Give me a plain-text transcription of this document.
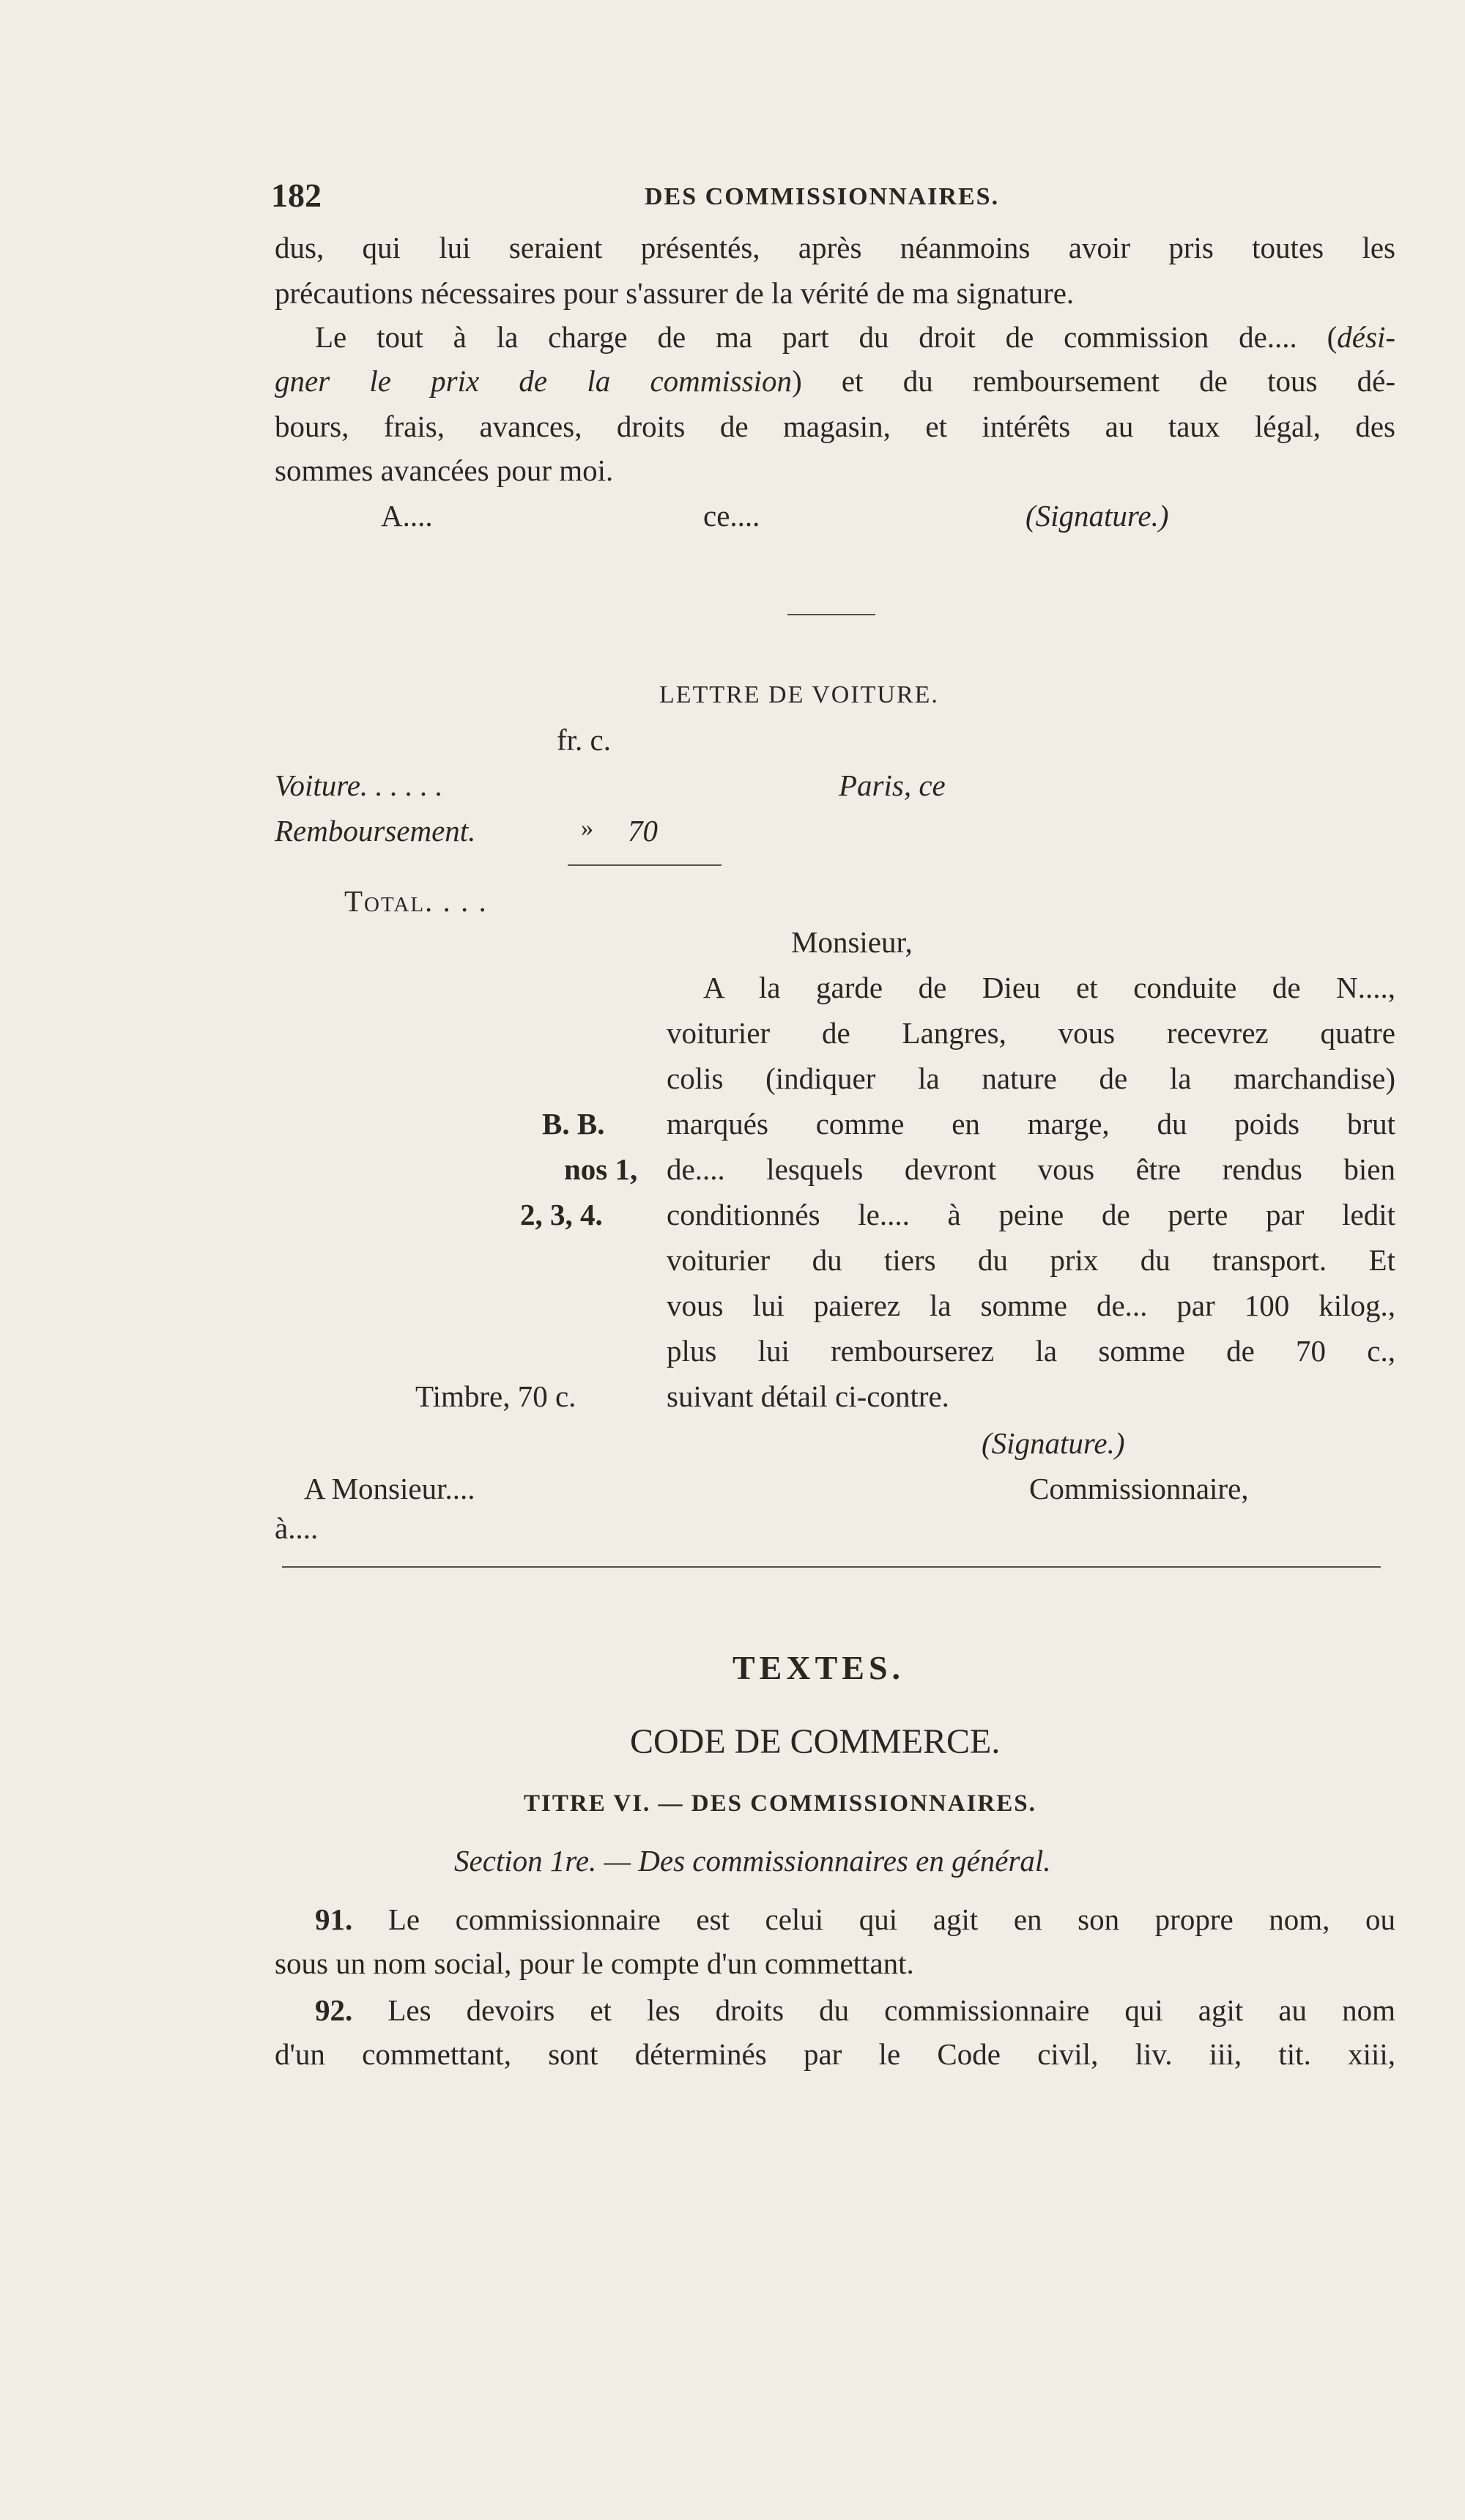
182	DES COMMISSIONNAIRES.
dus, qui lui seraient présentés, après néanmoins avoir pris toutes les
précautions nécessaires pour s'assurer de la vérité de ma signature.
Le tout à la charge de ma part du droit de commission de.... (dési-
gner le prix de la commission) et du remboursement de tous dé-
bours, frais, avances, droits de magasin, et intérêts au taux légal, des
sommes avancées pour moi.
A....	ce....	(Signature.)
LETTRE DE VOITURE.
fr. c.
Voiture. . . . . .	Paris, ce
Remboursement.	» 70
Total. . . .
Monsieur,
A la garde de Dieu et conduite de N....,
voiturier de Langres, vous recevrez quatre
colis (indiquer la nature de la marchandise)
marqués comme en marge, du poids brut
de.... lesquels devront vous être rendus bien
conditionnés le.... à peine de perte par ledit
voiturier du tiers du prix du transport. Et
vous lui paierez la somme de... par 100 kilog.,
plus lui rembourserez la somme de 70 c.,
suivant détail ci-contre.
B. B.
nos 1,
2, 3, 4.
Timbre, 70 c.
(Signature.)
Commissionnaire,
A Monsieur....
à....
TEXTES.
CODE DE COMMERCE.
TITRE VI. — DES COMMISSIONNAIRES.
Section 1re. — Des commissionnaires en général.
91. Le commissionnaire est celui qui agit en son propre nom, ou
sous un nom social, pour le compte d'un commettant.
92. Les devoirs et les droits du commissionnaire qui agit au nom
d'un commettant, sont déterminés par le Code civil, liv. iii, tit. xiii,
